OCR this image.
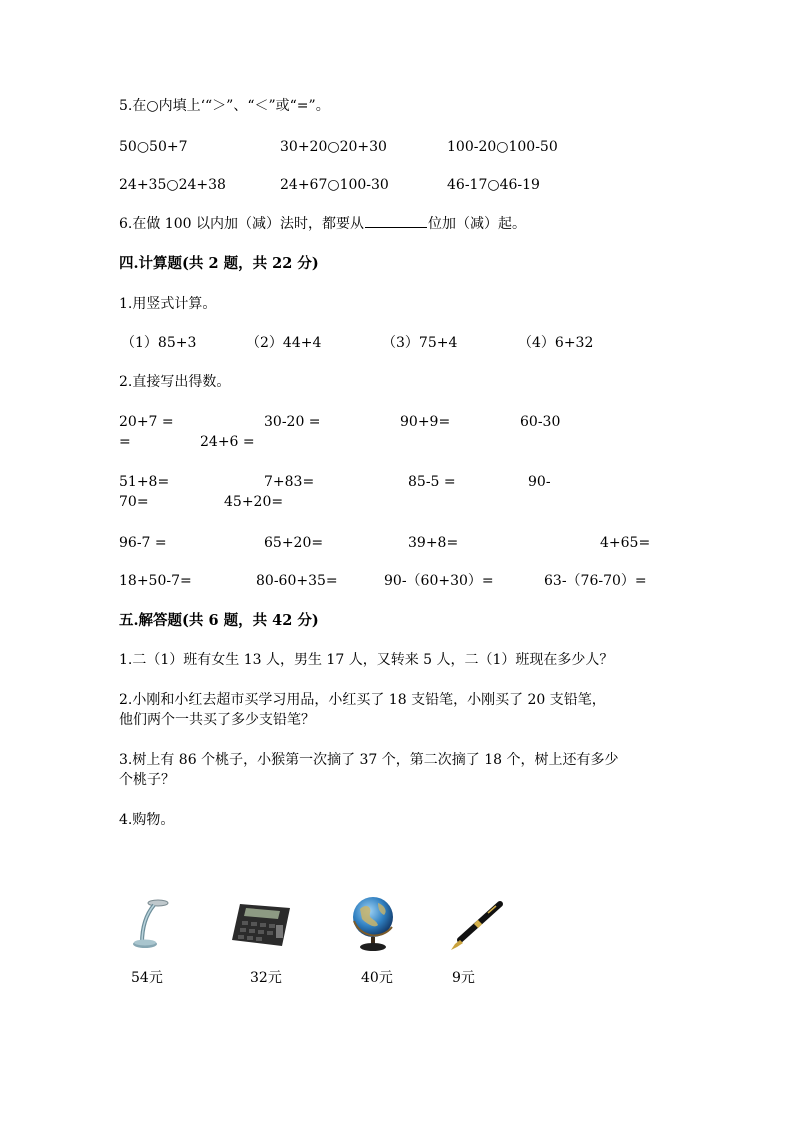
5.在○内填上‘“＞”、“＜”或“=”。
50○50+7	30+20○20+30	100-20○100-50
24+35○24+38	24+67○100-30	46-17○46-19
6.在做 100 以内加（减）法时，都要从	位加（减）起。
四.计算题(共 2 题，共 22 分)
1.用竖式计算。
（1）85+3	（2）44+4	（3）75+4	（4）6+32
2.直接写出得数。
20+7 =	30-20 =	90+9=	60-30
=	24+6 =
51+8=	7+83=	85-5 =	90-
70=	45+20=
96-7 =	65+20=	39+8=	4+65=
18+50-7=	80-60+35=	90-（60+30）=	63-（76-70）=
五.解答题(共 6 题，共 42 分)
1.二（1）班有女生 13 人，男生 17 人，又转来 5 人，二（1）班现在多少人？
2.小刚和小红去超市买学习用品，小红买了 18 支铅笔，小刚买了 20 支铅笔，
他们两个一共买了多少支铅笔？
3.树上有 86 个桃子，小猴第一次摘了 37 个，第二次摘了 18 个，树上还有多少
个桃子？
4.购物。
54元	32元	40元	9元
